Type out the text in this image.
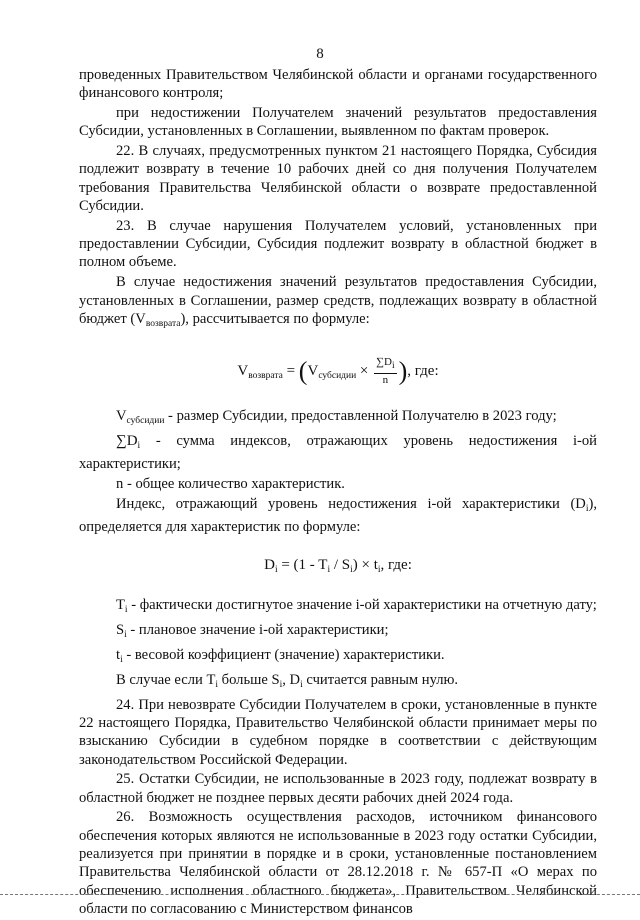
8

проведенных Правительством Челябинской области и органами государственного финансового контроля;

при недостижении Получателем значений результатов предоставления Субсидии, установленных в Соглашении, выявленном по фактам проверок.

22. В случаях, предусмотренных пунктом 21 настоящего Порядка, Субсидия подлежит возврату в течение 10 рабочих дней со дня получения Получателем требования Правительства Челябинской области о возврате предоставленной Субсидии.

23. В случае нарушения Получателем условий, установленных при предоставлении Субсидии, Субсидия подлежит возврату в областной бюджет в полном объеме.

В случае недостижения значений результатов предоставления Субсидии, установленных в Соглашении, размер средств, подлежащих возврату в областной бюджет $(V_{возврата})$, рассчитывается по формуле:

$V_{возврата} = (V_{субсидии} \times \frac{\sum Di}{n}$ ), где:

$V_{субсидии}$ - размер Субсидии, предоставленной Получателю в 2023 году;

$\sum D_i$ - сумма индексов, отражающих уровень недостижения i-ой характеристики;

n - общее количество характеристик.

Индекс, отражающий уровень недостижения i-ой характеристики $(D_i)$, определяется для характеристик по формуле:

$D_i = (1 - T_i / S_i) \times t_i$, где:

$T_i$ - фактически достигнутое значение i-ой характеристики на отчетную дату;

$S_i$ - плановое значение i-ой характеристики;

$t_i$ - весовой коэффициент (значение) характеристики.

В случае если $T_i$ больше $S_i$, $D_i$ считается равным нулю.

24. При невозврате Субсидии Получателем в сроки, установленные в пункте 22 настоящего Порядка, Правительство Челябинской области принимает меры по взысканию Субсидии в судебном порядке в соответствии с действующим законодательством Российской Федерации.

25. Остатки Субсидии, не использованные в 2023 году, подлежат возврату в областной бюджет не позднее первых десяти рабочих дней 2024 года.

26. Возможность осуществления расходов, источником финансового обеспечения которых являются не использованные в 2023 году остатки Субсидии, реализуется при принятии в порядке и в сроки, установленные постановлением Правительства Челябинской области от 28.12.2018 г. № 657-П «О мерах по обеспечению исполнения областного бюджета», Правительством Челябинской области по согласованию с Министерством финансов
